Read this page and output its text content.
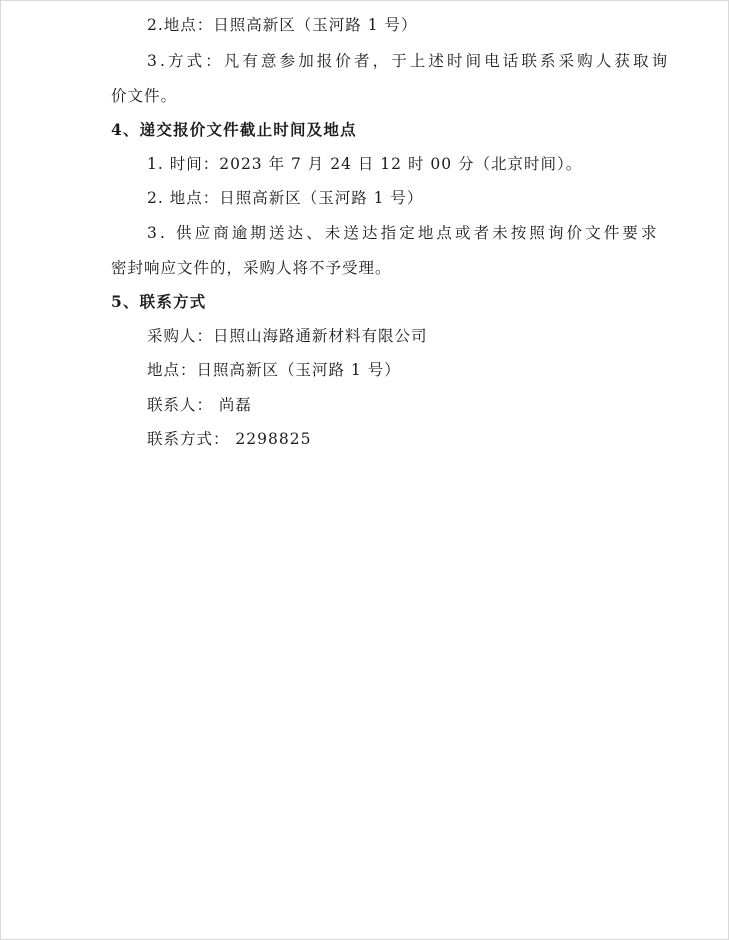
2.地点：日照高新区（玉河路 1 号）
3.方式：凡有意参加报价者，于上述时间电话联系采购人获取询
价文件。
4、递交报价文件截止时间及地点
1. 时间：2023 年 7 月 24 日 12 时 00 分（北京时间）。
2. 地点：日照高新区（玉河路 1 号）
3. 供应商逾期送达、未送达指定地点或者未按照询价文件要求
密封响应文件的，采购人将不予受理。
5、联系方式
采购人：日照山海路通新材料有限公司
地点：日照高新区（玉河路 1 号）
联系人： 尚磊
联系方式： 2298825
